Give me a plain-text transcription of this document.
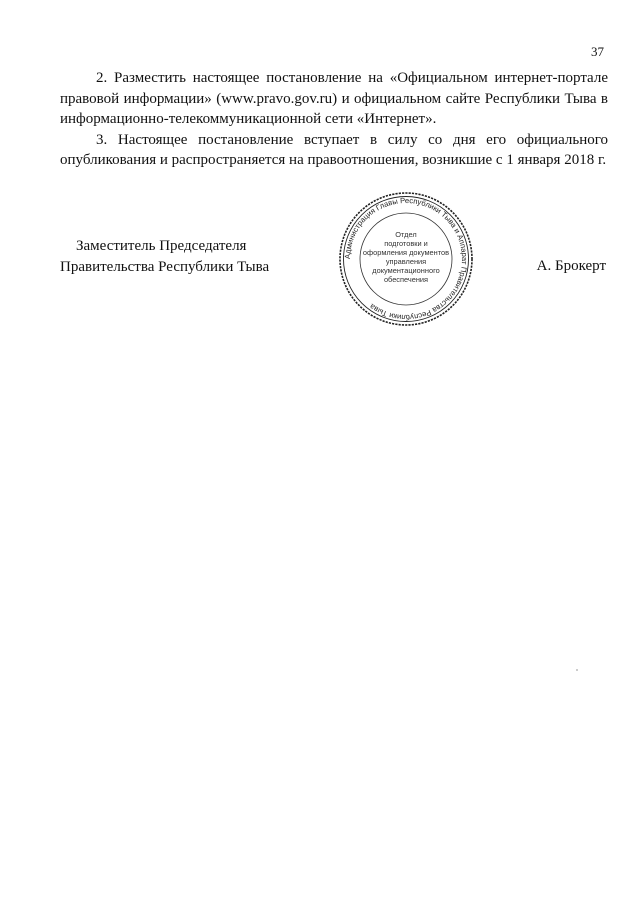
37

2. Разместить настоящее постановление на «Официальном интернет-портале правовой информации» (www.pravo.gov.ru) и официальном сайте Республики Тыва в информационно-телекоммуникационной сети «Интернет».

3. Настоящее постановление вступает в силу со дня его официального опубликования и распространяется на правоотношения, возникшие с 1 января 2018 г.

Заместитель Председателя
Правительства Республики Тыва
Администрация Главы Республики Тыва и Аппарат Правительства Республики Тыва
Отдел
подготовки и
оформления документов
управления
документационного
обеспечения
А. Брокерт
